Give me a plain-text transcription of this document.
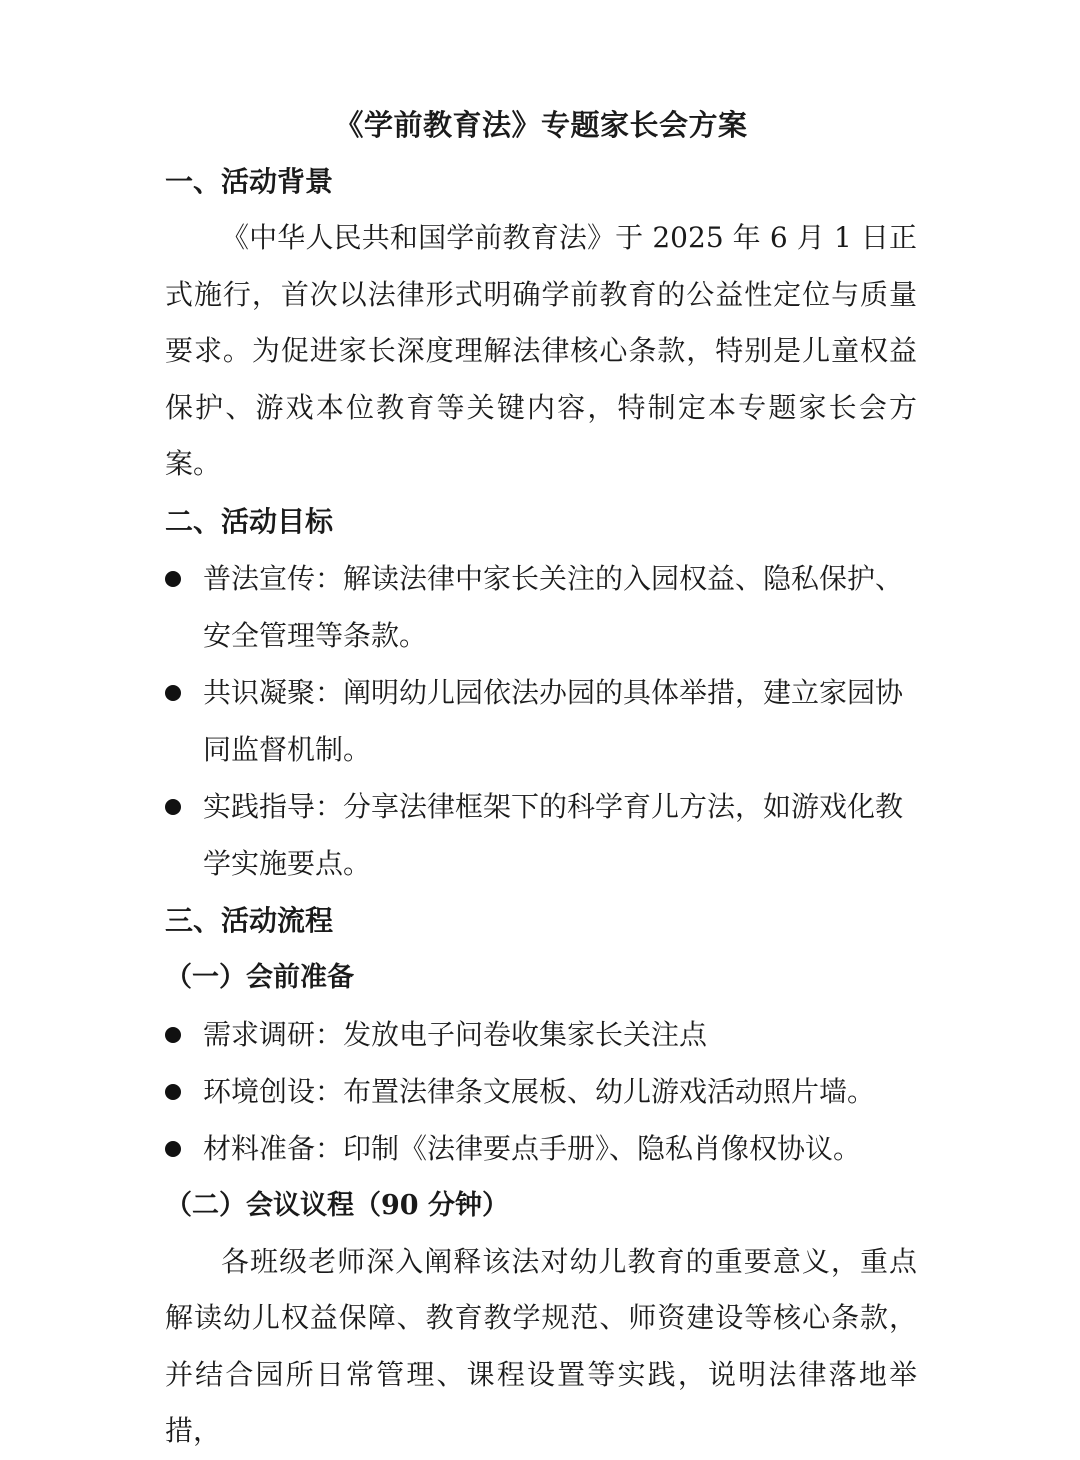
《学前教育法》专题家长会方案
一、活动背景

《中华人民共和国学前教育法》于 2025 年 6 月 1 日正式施行，首次以法律形式明确学前教育的公益性定位与质量要求。为促进家长深度理解法律核心条款，特别是儿童权益保护、游戏本位教育等关键内容，特制定本专题家长会方案。

二、活动目标
普法宣传：解读法律中家长关注的入园权益、隐私保护、安全管理等条款。
共识凝聚：阐明幼儿园依法办园的具体举措，建立家园协同监督机制。
实践指导：分享法律框架下的科学育儿方法，如游戏化教学实施要点。
三、活动流程
（一）会前准备
需求调研：发放电子问卷收集家长关注点
环境创设：布置法律条文展板、幼儿游戏活动照片墙。
材料准备：印制《法律要点手册》、隐私肖像权协议。
（二）会议议程（90 分钟）

各班级老师深入阐释该法对幼儿教育的重要意义，重点解读幼儿权益保障、教育教学规范、师资建设等核心条款，并结合园所日常管理、课程设置等实践，说明法律落地举措，
